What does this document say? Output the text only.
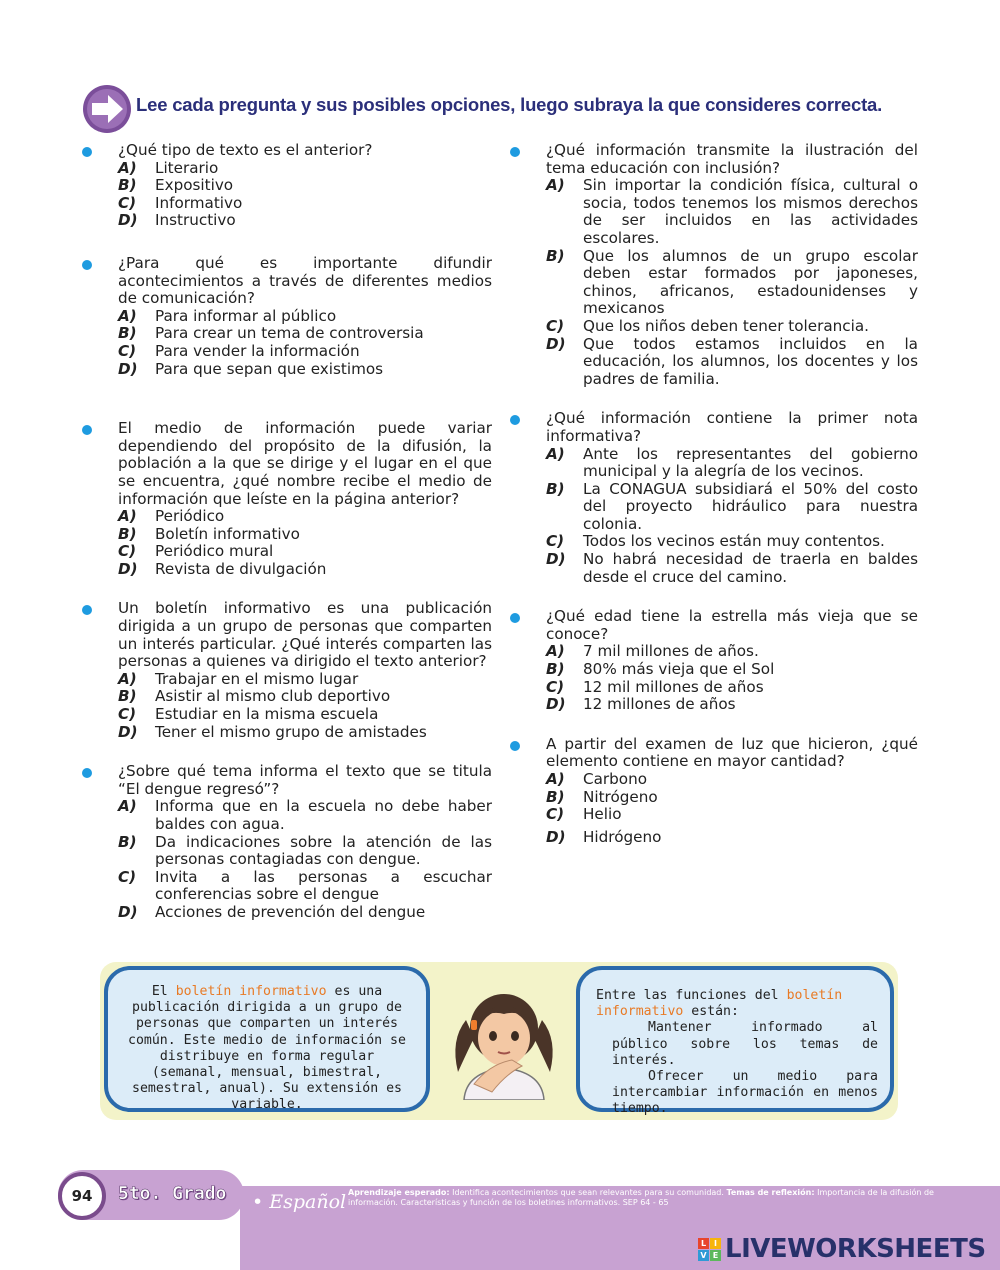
Lee cada pregunta y sus posibles opciones, luego subraya la que consideres correcta.
¿Qué tipo de texto es el anterior?
A)	Literario
B)	Expositivo
C)	Informativo
D)	Instructivo
¿Para qué es importante difundir acontecimientos a través de diferentes medios de comunicación?
A)	Para informar al público
B)	Para crear un tema de controversia
C)	Para vender la información
D)	Para que sepan que existimos
El medio de información puede variar dependiendo del propósito de la difusión, la población a la que se dirige y el lugar en el que se encuentra, ¿qué nombre recibe el medio de información que leíste en la página anterior?
A)	Periódico
B)	Boletín informativo
C)	Periódico mural
D)	Revista de divulgación
Un boletín informativo es una publicación dirigida a un grupo de personas que comparten un interés particular. ¿Qué interés comparten las personas a quienes va dirigido el texto anterior?
A)	Trabajar en el mismo lugar
B)	Asistir al mismo club deportivo
C)	Estudiar en la misma escuela
D)	Tener el mismo grupo de amistades
¿Sobre qué tema informa el texto que se titula “El dengue regresó”?
A)	Informa que en la escuela no debe haber baldes con agua.
B)	Da indicaciones sobre la atención de las personas contagiadas con dengue.
C)	Invita a las personas a escuchar conferencias sobre el dengue
D)	Acciones de prevención del dengue
¿Qué información transmite la ilustración del tema educación con inclusión?
A)	Sin importar la condición física, cultural o socia, todos tenemos los mismos derechos de ser incluidos en las actividades escolares.
B)	Que los alumnos de un grupo escolar deben estar formados por japoneses, chinos, africanos, estadounidenses y mexicanos
C)	Que los niños deben tener tolerancia.
D)	Que todos estamos incluidos en la educación, los alumnos, los docentes y los padres de familia.
¿Qué información contiene la primer nota informativa?
A)	Ante los representantes del gobierno municipal y la alegría de los vecinos.
B)	La CONAGUA subsidiará el 50% del costo del proyecto hidráulico para nuestra colonia.
C)	Todos los vecinos están muy contentos.
D)	No habrá necesidad de traerla en baldes desde el cruce del camino.
¿Qué edad tiene la estrella más vieja que se conoce?
A)	7 mil millones de años.
B)	80% más vieja que el Sol
C)	12 mil millones de años
D)	12 millones de años
A partir del examen de luz que hicieron, ¿qué elemento contiene en mayor cantidad?
A)	Carbono
B)	Nitrógeno
C)	Helio
D)	Hidrógeno
El boletín informativo es una publicación dirigida a un grupo de personas que comparten un interés común. Este medio de información se distribuye en forma regular (semanal, mensual, bimestral, semestral, anual). Su extensión es variable.
Entre las funciones del boletín informativo están:
Mantener informado al público sobre los temas de interés.
Ofrecer un medio para intercambiar información en menos tiempo.
94	5to. Grado • Español Aprendizaje esperado: Identifica acontecimientos que sean relevantes para su comunidad. Temas de reflexión: Importancia de la difusión de información. Características y función de los boletines informativos. SEP 64 - 65
L I
V E LIVEWORKSHEETS
